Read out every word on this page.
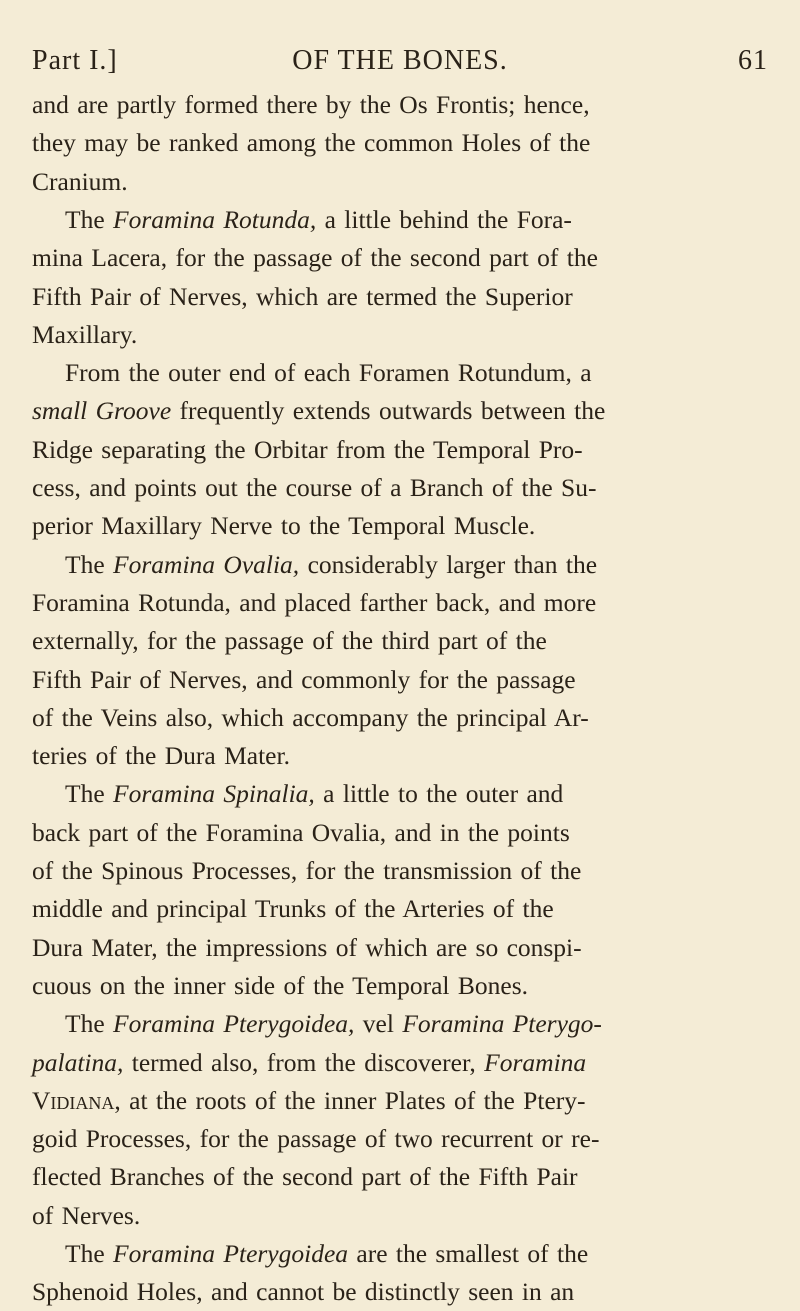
Part I.]	OF THE BONES.	61
and are partly formed there by the Os Frontis; hence,
they may be ranked among the common Holes of the
Cranium.
The Foramina Rotunda, a little behind the Fora-
mina Lacera, for the passage of the second part of the
Fifth Pair of Nerves, which are termed the Superior
Maxillary.
From the outer end of each Foramen Rotundum, a
small Groove frequently extends outwards between the
Ridge separating the Orbitar from the Temporal Pro-
cess, and points out the course of a Branch of the Su-
perior Maxillary Nerve to the Temporal Muscle.
The Foramina Ovalia, considerably larger than the
Foramina Rotunda, and placed farther back, and more
externally, for the passage of the third part of the
Fifth Pair of Nerves, and commonly for the passage
of the Veins also, which accompany the principal Ar-
teries of the Dura Mater.
The Foramina Spinalia, a little to the outer and
back part of the Foramina Ovalia, and in the points
of the Spinous Processes, for the transmission of the
middle and principal Trunks of the Arteries of the
Dura Mater, the impressions of which are so conspi-
cuous on the inner side of the Temporal Bones.
The Foramina Pterygoidea, vel Foramina Pterygo-
palatina, termed also, from the discoverer, Foramina
Vidiana, at the roots of the inner Plates of the Ptery-
goid Processes, for the passage of two recurrent or re-
flected Branches of the second part of the Fifth Pair
of Nerves.
The Foramina Pterygoidea are the smallest of the
Sphenoid Holes, and cannot be distinctly seen in an
